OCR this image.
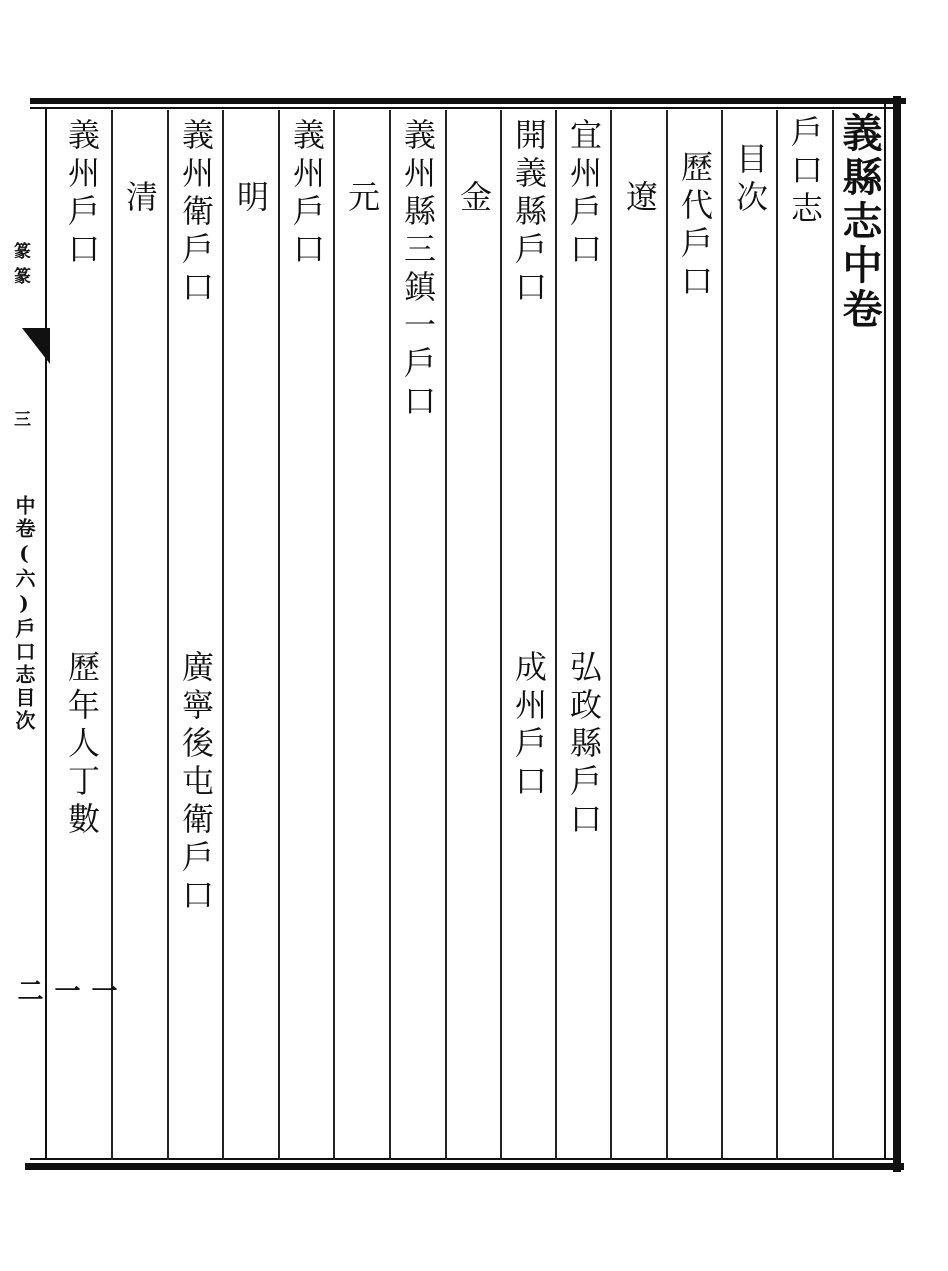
義縣志中卷
戶口志
目次
歷代戶口
遼
宜州戶口
弘政縣戶口
開義縣戶口
成州戶口
金
義州縣三鎮一戶口
元
義州戶口
明
義州衛戶口
廣寧後屯衛戶口
清
義州戶口
歷年人丁數
篆 篆
三
中卷(六)戶口志目次
一一二
